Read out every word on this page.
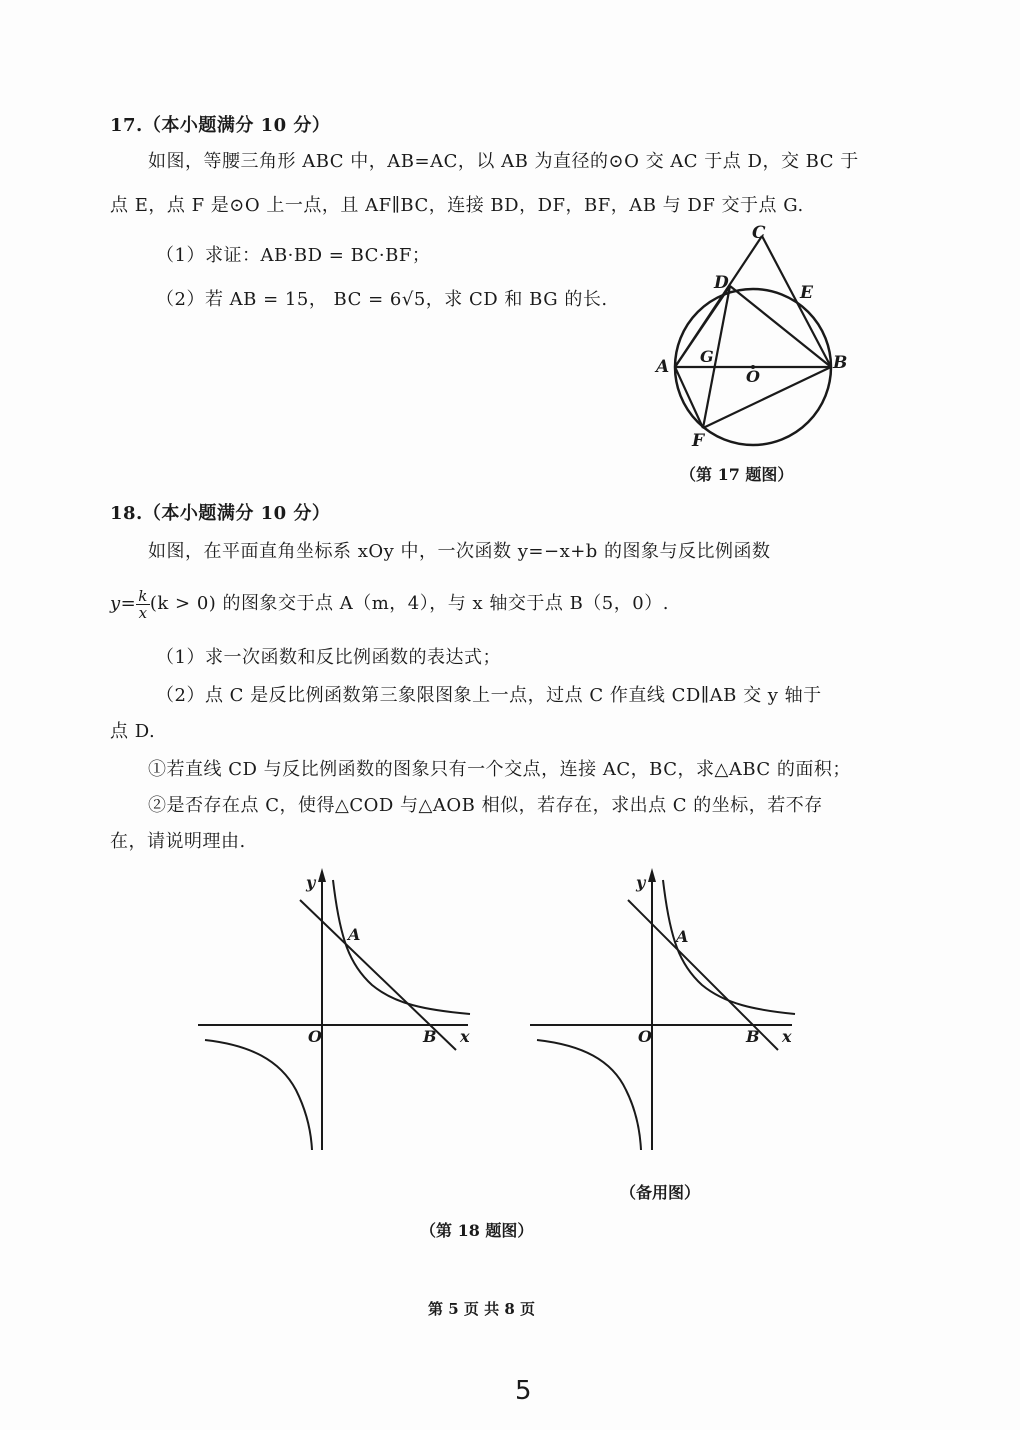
17.（本小题满分 10 分）
如图，等腰三角形 ABC 中，AB=AC，以 AB 为直径的⊙O 交 AC 于点 D，交 BC 于
点 E，点 F 是⊙O 上一点，且 AF∥BC，连接 BD，DF，BF，AB 与 DF 交于点 G.
（1）求证：AB·BD = BC·BF；
（2）若 AB = 15， BC = 6√5，求 CD 和 BG 的长.
C
D	E
A
G
O
B
F
（第 17 题图）
18.（本小题满分 10 分）
如图，在平面直角坐标系 xOy 中，一次函数 y=−x+b 的图象与反比例函数
$y= \frac{k}{x} (k > 0)$ 的图象交于点 A（m，4），与 x 轴交于点 B（5，0）.
（1）求一次函数和反比例函数的表达式；
（2）点 C 是反比例函数第三象限图象上一点，过点 C 作直线 CD∥AB 交 y 轴于
点 D.
①若直线 CD 与反比例函数的图象只有一个交点，连接 AC，BC，求△ABC 的面积；
②是否存在点 C，使得△COD 与△AOB 相似，若存在，求出点 C 的坐标，若不存
在，请说明理由.
y
x
O
A
B
y
x
O
A
B
（备用图）
（第 18 题图）
第 5 页 共 8 页
5
